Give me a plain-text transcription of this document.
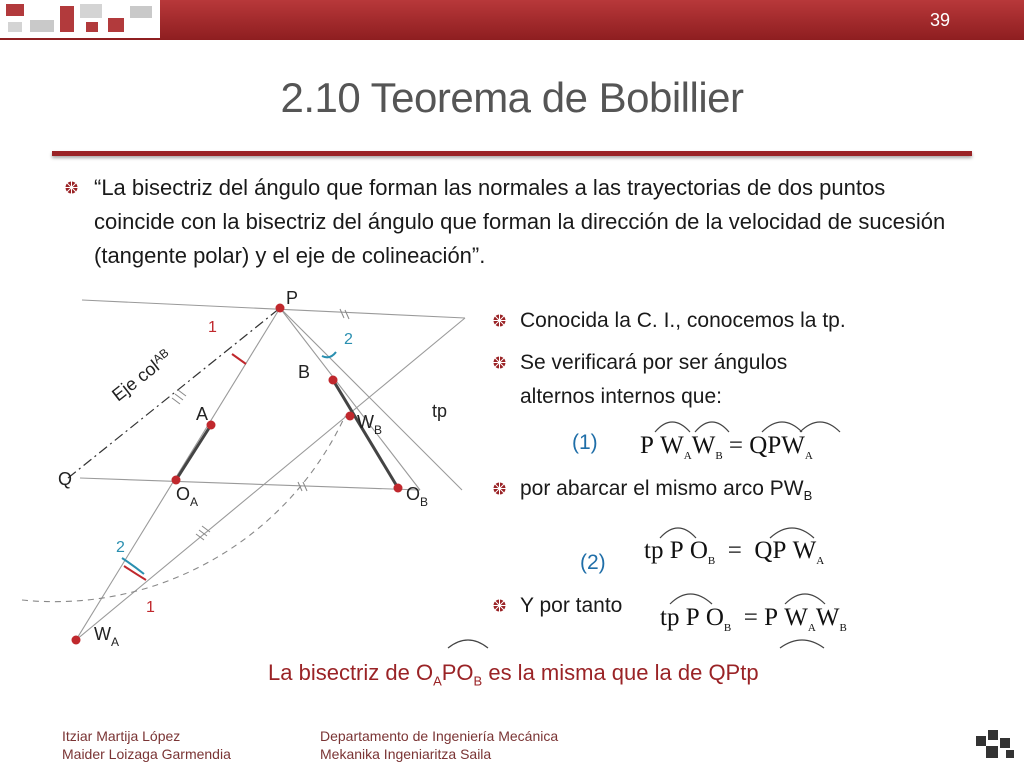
39
2.10 Teorema de Bobillier
“La bisectriz del ángulo que forman las normales a las trayectorias de dos puntos coincide con la bisectriz del ángulo que forman la dirección de la velocidad de sucesión (tangente polar) y el eje de colineación”.
Conocida la C. I., conocemos la tp.
Se verificará por ser ángulos
alternos internos que:
por abarcar el mismo arco $PW_B$
Y por tanto
(1)
(2)
P $W_AW_B = QPW_A$
tp P $O_B$ = QP $W_A$
tp P $O_B = P$ $W_AW_B$
La bisectriz de $O_APO_B$ es la misma que la de QPtp
P
B
A
Q
tp
$W_B$
$O_A$	$O_B$
$W_A$
Eje col$^{AB}$
1
2
2
1
Itziar Martija López
Maider Loizaga Garmendia
Departamento de Ingeniería Mecánica
Mekanika Ingeniaritza Saila
